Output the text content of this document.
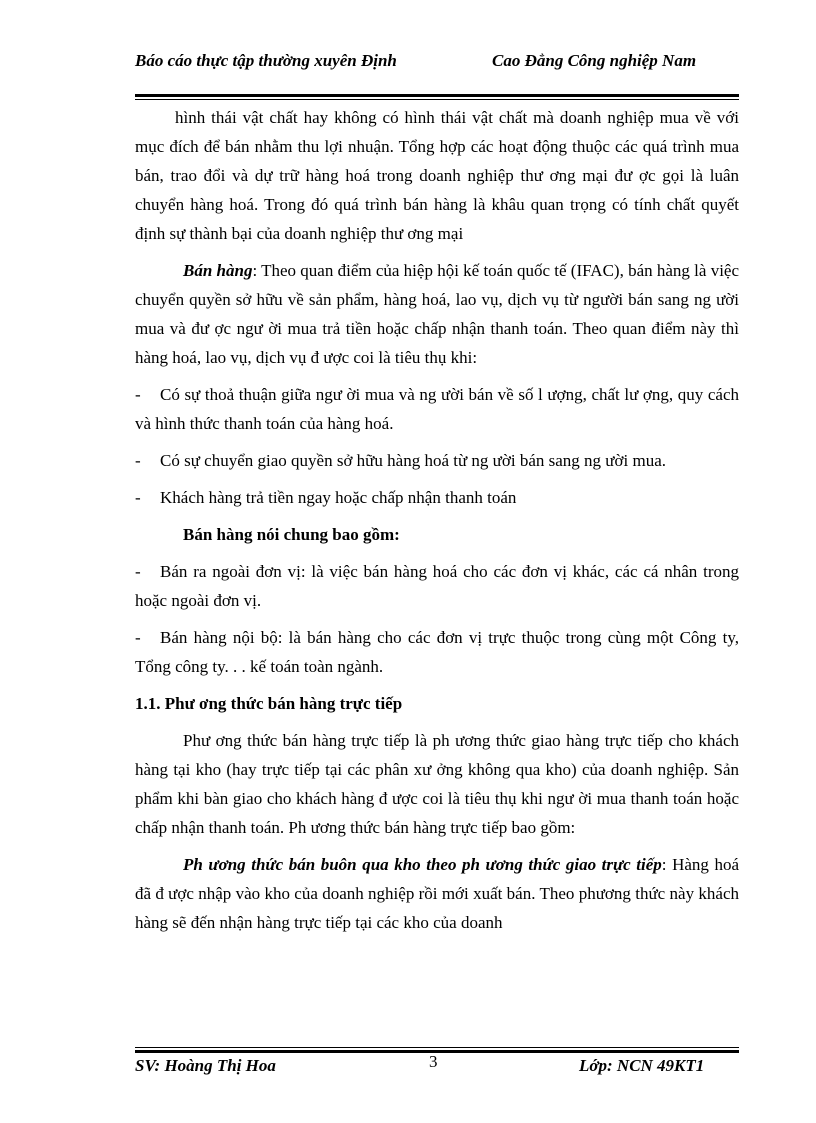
Báo cáo thực tập thường xuyên Định	Cao Đẳng Công nghiệp Nam

hình thái vật chất hay không có hình thái vật chất mà doanh nghiệp mua về với mục đích để bán nhằm thu lợi nhuận. Tổng hợp các hoạt động thuộc các quá trình mua bán, trao đổi và dự trữ hàng hoá trong doanh nghiệp thư ơng mại đư ợc gọi là luân chuyển hàng hoá. Trong đó quá trình bán hàng là khâu quan trọng có tính chất quyết định sự thành bại của doanh nghiệp thư ơng mại

Bán hàng: Theo quan điểm của hiệp hội kế toán quốc tế (IFAC), bán hàng là việc chuyển quyền sở hữu về sản phẩm, hàng hoá, lao vụ, dịch vụ từ người bán sang ng ười mua và đư ợc ngư ời mua trả tiền hoặc chấp nhận thanh toán. Theo quan điểm này thì hàng hoá, lao vụ, dịch vụ đ ược coi là tiêu thụ khi:

- Có sự thoả thuận giữa ngư ời mua và ng ười bán về số l ượng, chất lư ợng, quy cách và hình thức thanh toán của hàng hoá.

- Có sự chuyển giao quyền sở hữu hàng hoá từ ng ười bán sang ng ười mua.

- Khách hàng trả tiền ngay hoặc chấp nhận thanh toán

Bán hàng nói chung bao gồm:

- Bán ra ngoài đơn vị: là việc bán hàng hoá cho các đơn vị khác, các cá nhân trong hoặc ngoài đơn vị.

- Bán hàng nội bộ: là bán hàng cho các đơn vị trực thuộc trong cùng một Công ty, Tổng công ty. . . kế toán toàn ngành.

1.1. Phư ơng thức bán hàng trực tiếp

Phư ơng thức bán hàng trực tiếp là ph ương thức giao hàng trực tiếp cho khách hàng tại kho (hay trực tiếp tại các phân xư ởng không qua kho) của doanh nghiệp. Sản phẩm khi bàn giao cho khách hàng đ ược coi là tiêu thụ khi ngư ời mua thanh toán hoặc chấp nhận thanh toán. Ph ương thức bán hàng trực tiếp bao gồm:

Ph ương thức bán buôn qua kho theo ph ương thức giao trực tiếp: Hàng hoá đã đ ược nhập vào kho của doanh nghiệp rồi mới xuất bán. Theo phương thức này khách hàng sẽ đến nhận hàng trực tiếp tại các kho của doanh

SV: Hoàng Thị Hoa	3	Lớp: NCN 49KT1
